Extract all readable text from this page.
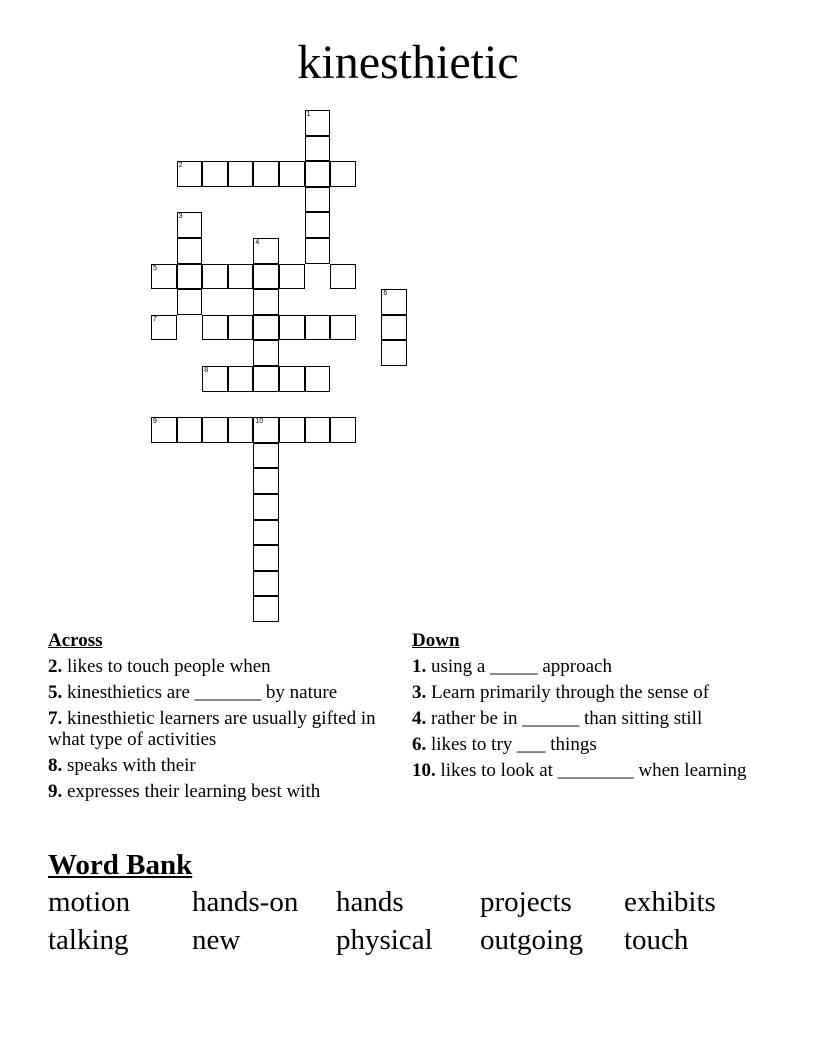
kinesthietic
1
2
3
4
5
6
7
8
9	10
Across
2. likes to touch people when
5. kinesthietics are _______ by nature
7. kinesthietic learners are usually gifted in what type of activities
8. speaks with their
9. expresses their learning best with
Down
1. using a _____ approach
3. Learn primarily through the sense of
4. rather be in ______ than sitting still
6. likes to try ___ things
10. likes to look at ________ when learning
Word Bank
motion	hands-on	hands	projects	exhibits
talking	new	physical	outgoing	touch
